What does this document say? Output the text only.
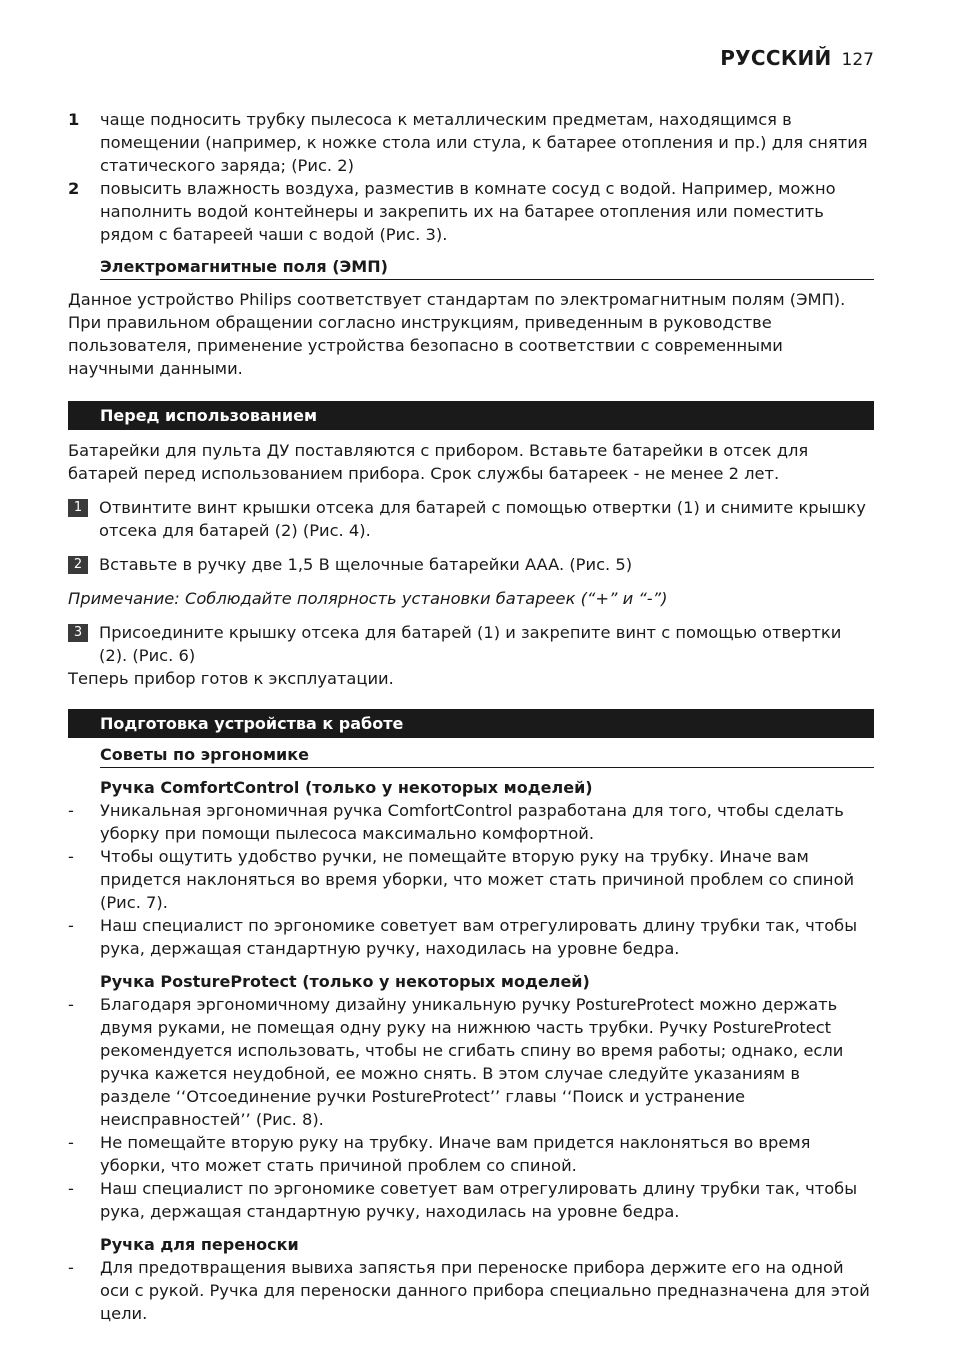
РУССКИЙ 127
1	чаще подносить трубку пылесоса к металлическим предметам, находящимся в помещении (например, к ножке стола или стула, к батарее отопления и пр.) для снятия статического заряда; (Рис. 2)
2	повысить влажность воздуха, разместив в комнате сосуд с водой. Например, можно наполнить водой контейнеры и закрепить их на батарее отопления или поместить рядом с батареей чаши с водой (Рис. 3).
Электромагнитные поля (ЭМП)
Данное устройство Philips соответствует стандартам по электромагнитным полям (ЭМП). При правильном обращении согласно инструкциям, приведенным в руководстве пользователя, применение устройства безопасно в соответствии с современными научными данными.
Перед использованием
Батарейки для пульта ДУ поставляются с прибором. Вставьте батарейки в отсек для батарей перед использованием прибора. Срок службы батареек - не менее 2 лет.
1	Отвинтите винт крышки отсека для батарей с помощью отвертки (1) и снимите крышку отсека для батарей (2) (Рис. 4).
2	Вставьте в ручку две 1,5 В щелочные батарейки AAA. (Рис. 5)
Примечание: Соблюдайте полярность установки батареек (“+” и “-”)
3	Присоедините крышку отсека для батарей (1) и закрепите винт с помощью отвертки (2). (Рис. 6)
Теперь прибор готов к эксплуатации.
Подготовка устройства к работе
Советы по эргономике
Ручка ComfortControl (только у некоторых моделей)
-	Уникальная эргономичная ручка ComfortControl разработана для того, чтобы сделать уборку при помощи пылесоса максимально комфортной.
-	Чтобы ощутить удобство ручки, не помещайте вторую руку на трубку. Иначе вам придется наклоняться во время уборки, что может стать причиной проблем со спиной (Рис. 7).
-	Наш специалист по эргономике советует вам отрегулировать длину трубки так, чтобы рука, держащая стандартную ручку, находилась на уровне бедра.
Ручка PostureProtect (только у некоторых моделей)
-	Благодаря эргономичному дизайну уникальную ручку PostureProtect можно держать двумя руками, не помещая одну руку на нижнюю часть трубки. Ручку PostureProtect рекомендуется использовать, чтобы не сгибать спину во время работы; однако, если ручка кажется неудобной, ее можно снять. В этом случае следуйте указаниям в разделе ‘‘Отсоединение ручки PostureProtect’’ главы ‘‘Поиск и устранение неисправностей’’ (Рис. 8).
-	Не помещайте вторую руку на трубку. Иначе вам придется наклоняться во время уборки, что может стать причиной проблем со спиной.
-	Наш специалист по эргономике советует вам отрегулировать длину трубки так, чтобы рука, держащая стандартную ручку, находилась на уровне бедра.
Ручка для переноски
-	Для предотвращения вывиха запястья при переноске прибора держите его на одной оси с рукой. Ручка для переноски данного прибора специально предназначена для этой цели.
